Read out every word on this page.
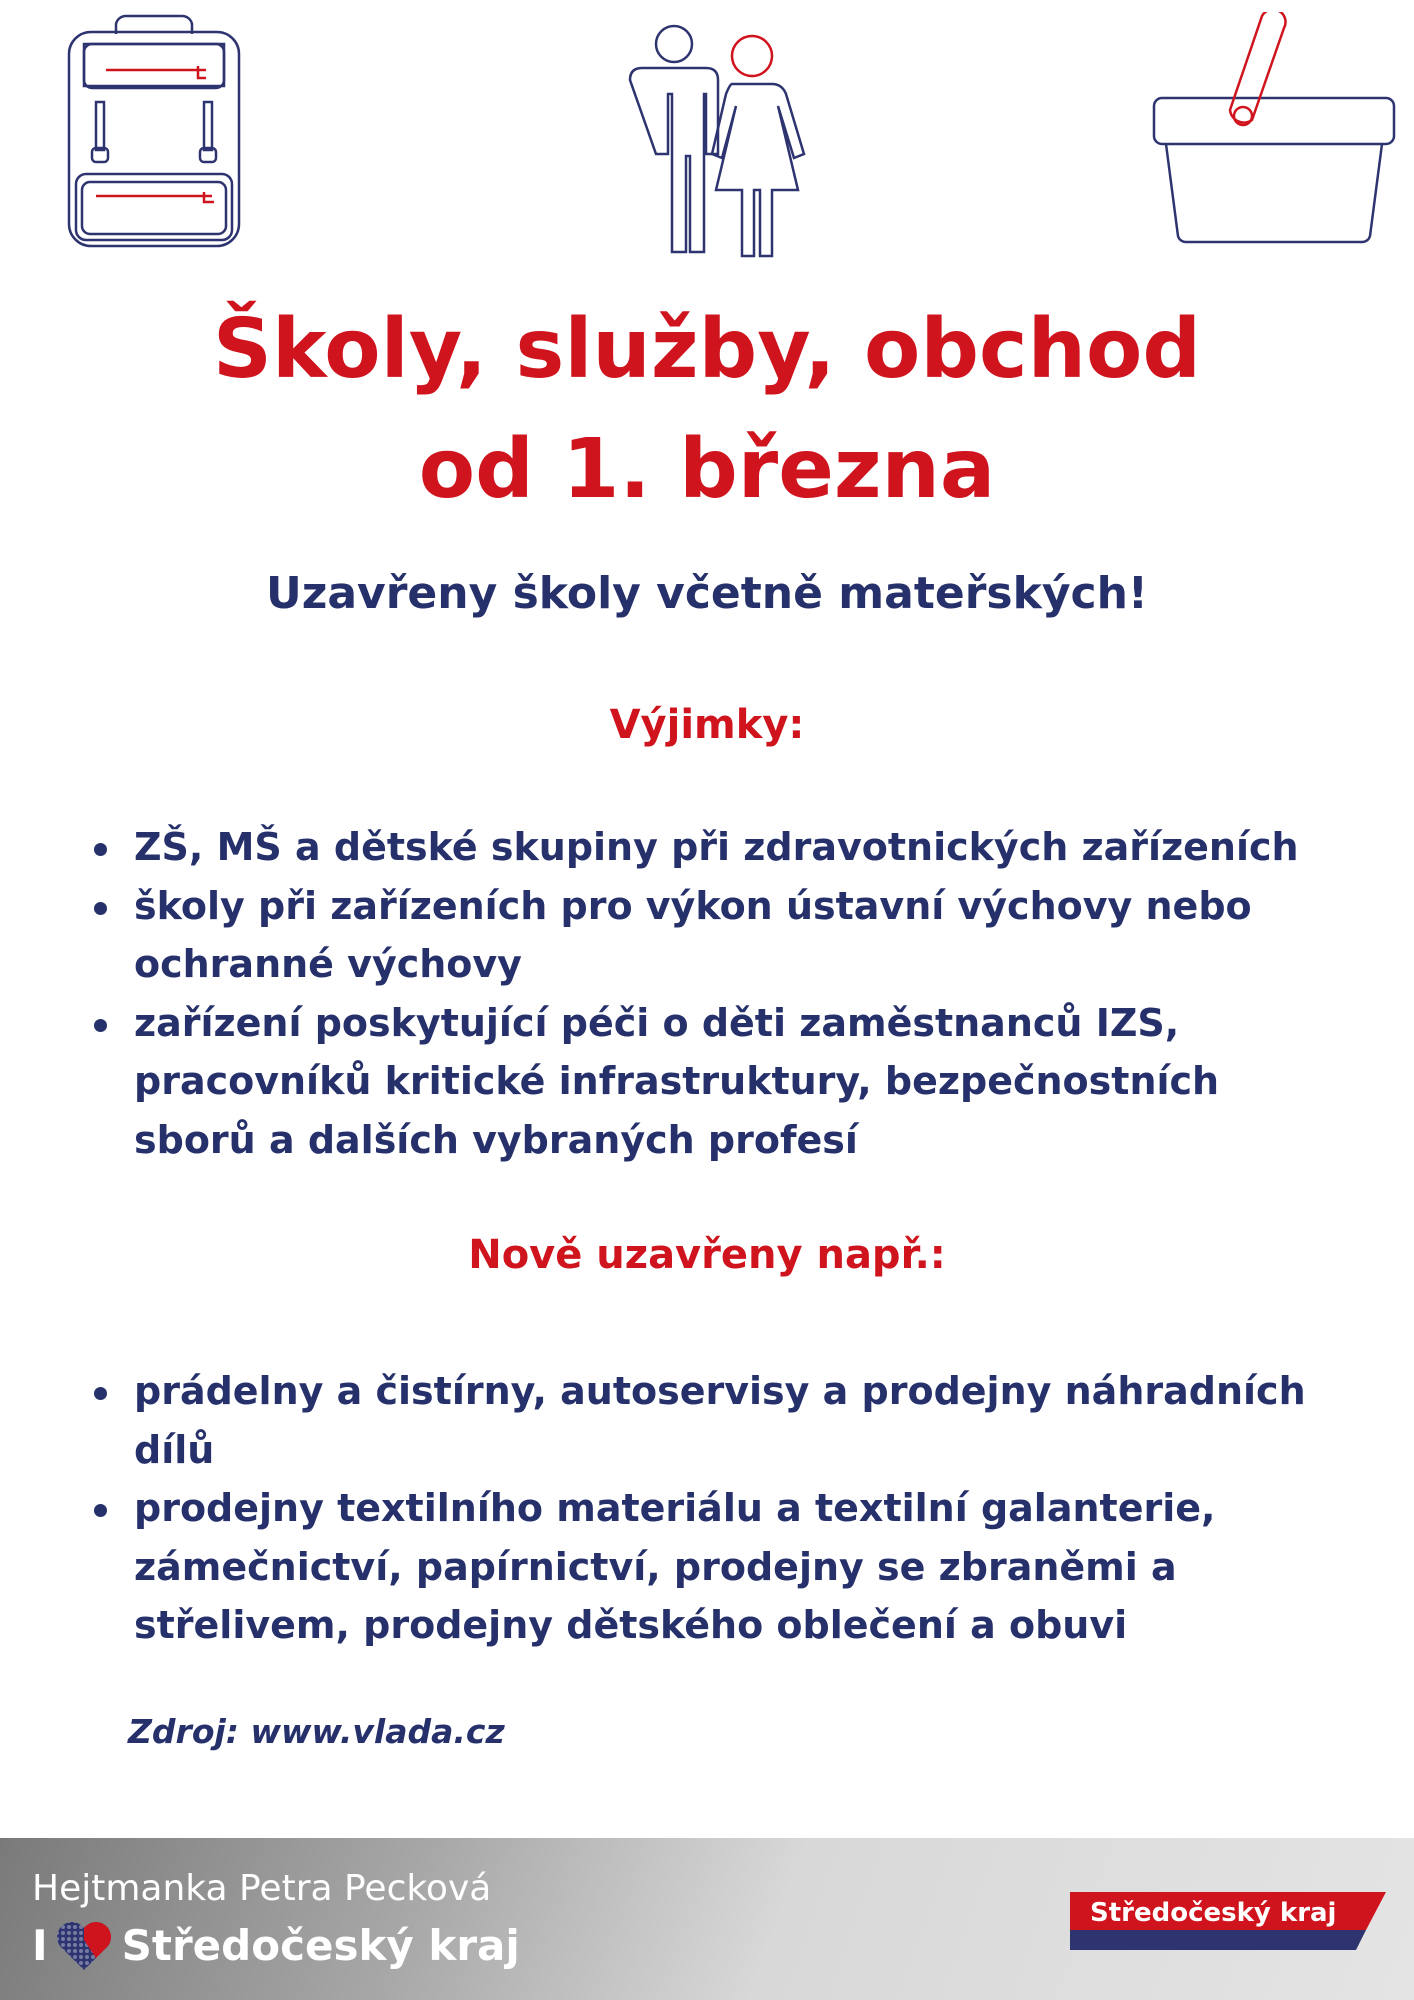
Školy, služby, obchod
od 1. března

Uzavřeny školy včetně mateřských!

Výjimky:

ZŠ, MŠ a dětské skupiny při zdravotnických zařízeních
školy při zařízeních pro výkon ústavní výchovy nebo ochranné výchovy
zařízení poskytující péči o děti zaměstnanců IZS, pracovníků kritické infrastruktury, bezpečnostních sborů a dalších vybraných profesí

Nově uzavřeny např.:

prádelny a čistírny, autoservisy a prodejny náhradních dílů
prodejny textilního materiálu a textilní galanterie, zámečnictví, papírnictví, prodejny se zbraněmi a střelivem, prodejny dětského oblečení a obuvi

Zdroj: www.vlada.cz

Hejtmanka Petra Pecková
I Středočeský kraj
Středočeský kraj
